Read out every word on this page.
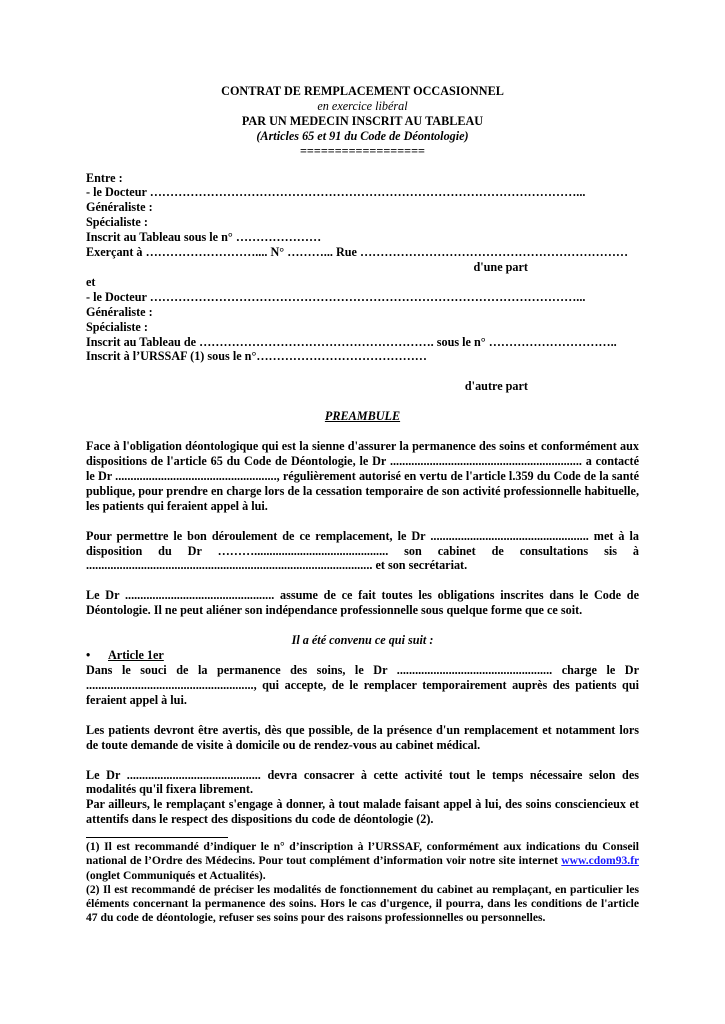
CONTRAT DE REMPLACEMENT OCCASIONNEL
en exercice libéral
PAR UN MEDECIN INSCRIT AU TABLEAU
(Articles 65 et 91 du Code de Déontologie)
==================
Entre :
- le Docteur ……………………………………………………………………………………………...
Généraliste :
Spécialiste :
Inscrit au Tableau sous le n° …………………
Exerçant à ……………………….... N° ………... Rue …………………………………………………………
d'une part
et
- le Docteur ……………………………………………………………………………………………...
Généraliste :
Spécialiste :
Inscrit au Tableau de …………………………………………………. sous le n° …………………………..
Inscrit à l’URSSAF (1) sous le n°……………………………………
d'autre part
PREAMBULE
Face à l'obligation déontologique qui est la sienne d'assurer la permanence des soins et conformément aux dispositions de l'article 65 du Code de Déontologie, le Dr ............................................................... a contacté le Dr ....................................................., régulièrement autorisé en vertu de l'article l.359 du Code de la santé publique, pour prendre en charge lors de la cessation temporaire de son activité professionnelle habituelle, les patients qui feraient appel à lui.
Pour permettre le bon déroulement de ce remplacement, le Dr .................................................... met à la disposition du Dr ………............................................ son cabinet de consultations sis à .............................................................................................. et son secrétariat.
Le Dr ................................................. assume de ce fait toutes les obligations inscrites dans le Code de Déontologie. Il ne peut aliéner son indépendance professionnelle sous quelque forme que ce soit.
Il a été convenu ce qui suit :
•	Article 1er
Dans le souci de la permanence des soins, le Dr ................................................... charge le Dr ......................................................., qui accepte, de le remplacer temporairement auprès des patients qui feraient appel à lui.
Les patients devront être avertis, dès que possible, de la présence d'un remplacement et notamment lors de toute demande de visite à domicile ou de rendez-vous au cabinet médical.
Le Dr ............................................ devra consacrer à cette activité tout le temps nécessaire selon des modalités qu'il fixera librement.
Par ailleurs, le remplaçant s'engage à donner, à tout malade faisant appel à lui, des soins consciencieux et attentifs dans le respect des dispositions du code de déontologie (2).
(1) Il est recommandé d’indiquer le n° d’inscription à l’URSSAF, conformément aux indications du Conseil national de l’Ordre des Médecins. Pour tout complément d’information voir notre site internet www.cdom93.fr (onglet Communiqués et Actualités).
(2) Il est recommandé de préciser les modalités de fonctionnement du cabinet au remplaçant, en particulier les éléments concernant la permanence des soins. Hors le cas d'urgence, il pourra, dans les conditions de l'article 47 du code de déontologie, refuser ses soins pour des raisons professionnelles ou personnelles.
